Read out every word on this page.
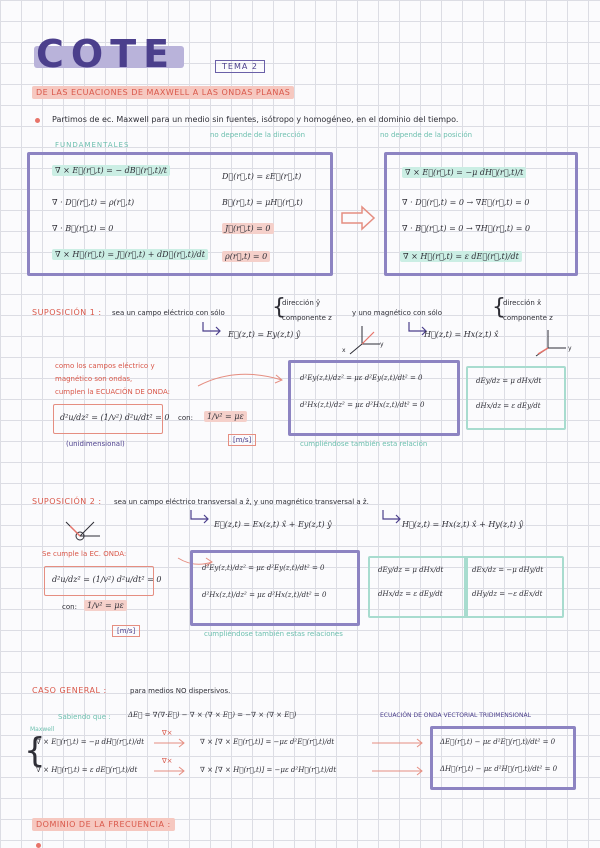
COTE	TEMA 2
DE LAS ECUACIONES DE MAXWELL A LAS ONDAS PLANAS
Partimos de ec. Maxwell para un medio sin fuentes, isótropo y homogéneo, en el dominio del tiempo.
no depende de la dirección	no depende de la posición
FUNDAMENTALES
∇ × E⃗(r⃗,t) = − dB⃗(r⃗,t)/t
∇ · D⃗(r⃗,t) = ρ(r⃗,t)
∇ · B⃗(r⃗,t) = 0
∇ × H⃗(r⃗,t) = J⃗(r⃗,t) + dD⃗(r⃗,t)/dt
D⃗(r⃗,t) = εE⃗(r⃗,t)
B⃗(r⃗,t) = μH⃗(r⃗,t)
J⃗(r⃗,t) = 0
ρ(r⃗,t) = 0
∇ × E⃗(r⃗,t) = −μ dH⃗(r⃗,t)/t
∇ · D⃗(r⃗,t) = 0 → ∇E⃗(r⃗,t) = 0
∇ · B⃗(r⃗,t) = 0 → ∇H⃗(r⃗,t) = 0
∇ × H⃗(r⃗,t) = ε dE⃗(r⃗,t)/dt
SUPOSICIÓN 1 : sea un campo eléctrico con sólo {
dirección ŷ
componente z
y uno magnético con sólo {
dirección x̂
componente z
E⃗(z,t) = Ey(z,t) ŷ	H⃗(z,t) = Hx(z,t) x̂
x
y
y
como los campos eléctrico y
magnético son ondas,
cumplen la ECUACIÓN DE ONDA:
d²u/dz² = (1/v²) d²u/dt² = 0 con:	1/v² = με
[m/s]
(unidimensional)
d²Ey(z,t)/dz² = με d²Ey(z,t)/dt² = 0
d²Hx(z,t)/dz² = με d²Hx(z,t)/dt² = 0
dEy/dz = μ dHx/dt
dHx/dz = ε dEy/dt
cumpliéndose también esta relación
SUPOSICIÓN 2 : sea un campo eléctrico transversal a ẑ, y uno magnético transversal a ẑ.
E⃗(z,t) = Ex(z,t) x̂ + Ey(z,t) ŷ	H⃗(z,t) = Hx(z,t) x̂ + Hy(z,t) ŷ
Se cumple la EC. ONDA:
d²u/dz² = (1/v²) d²u/dt² = 0
con:	1/v² = με
[m/s]
d²Ey(z,t)/dz² = με d²Ey(z,t)/dt² = 0
d²Hx(z,t)/dz² = με d²Hx(z,t)/dt² = 0
dEy/dz = μ dHx/dt
dHx/dz = ε dEy/dt
dEx/dz = −μ dHy/dt
dHy/dz = −ε dEx/dt
cumpliéndose también estas relaciones
CASO GENERAL :	para medios NO dispersivos.
Sabiendo que : ΔE⃗ = ∇(∇·E⃗) − ∇ × (∇ × E⃗) = −∇ × (∇ × E⃗)	ECUACIÓN DE ONDA VECTORIAL TRIDIMENSIONAL
Maxwell
{
∇ × E⃗(r⃗,t) = −μ dH⃗(r⃗,t)/dt
∇ × H⃗(r⃗,t) = ε dE⃗(r⃗,t)/dt
∇×
∇×
∇ × [∇ × E⃗(r⃗,t)] = −με d²E⃗(r⃗,t)/dt
∇ × [∇ × H⃗(r⃗,t)] = −με d²H⃗(r⃗,t)/dt
ΔE⃗(r⃗,t) − με d²E⃗(r⃗,t)/dt² = 0
ΔH⃗(r⃗,t) − με d²H⃗(r⃗,t)/dt² = 0
DOMINIO DE LA FRECUENCIA :
